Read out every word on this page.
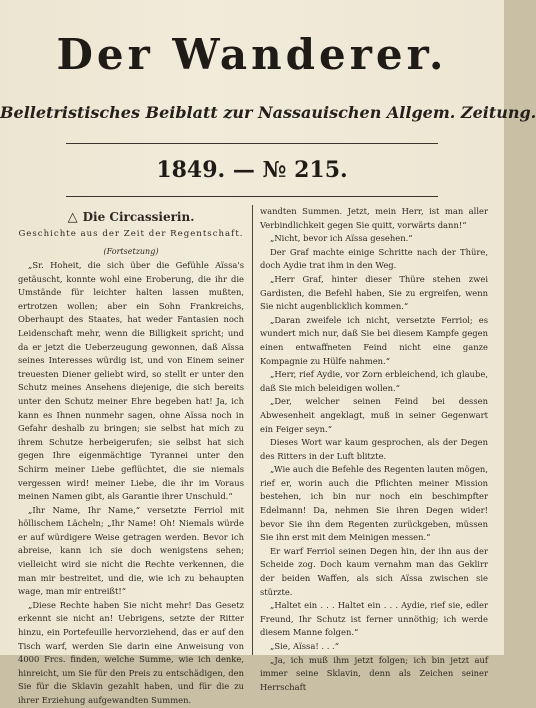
Der Wanderer.
Belletristisches Beiblatt zur Nassauischen Allgem. Zeitung.
1849. — № 215.
△ Die Circassierin.
Geschichte aus der Zeit der Regentschaft.
(Fortsetzung)

„Sr. Hoheit, die sich über die Gefühle Aïssa's getäuscht, konnte wohl eine Eroberung, die ihr die Umstände für leichter halten lassen mußten, ertrotzen wollen; aber ein Sohn Frankreichs, Oberhaupt des Staates, hat weder Fantasien noch Leidenschaft mehr, wenn die Billigkeit spricht; und da er jetzt die Ueberzeugung gewonnen, daß Aïssa seines Interesses würdig ist, und von Einem seiner treuesten Diener geliebt wird, so stellt er unter den Schutz meines Ansehens diejenige, die sich bereits unter den Schutz meiner Ehre begeben hat! Ja, ich kann es Ihnen nunmehr sagen, ohne Aïssa noch in Gefahr deshalb zu bringen; sie selbst hat mich zu ihrem Schutze herbeigerufen; sie selbst hat sich gegen Ihre eigenmächtige Tyrannei unter den Schirm meiner Liebe geflüchtet, die sie niemals vergessen wird! meiner Liebe, die ihr im Voraus meinen Namen gibt, als Garantie ihrer Unschuld.“

„Ihr Name, Ihr Name,“ versetzte Ferriol mit höllischem Lächeln; „Ihr Name! Oh! Niemals würde er auf würdigere Weise getragen werden. Bevor ich abreise, kann ich sie doch wenigstens sehen; vielleicht wird sie nicht die Rechte verkennen, die man mir bestreitet, und die, wie ich zu behaupten wage, man mir entreißt!“

„Diese Rechte haben Sie nicht mehr! Das Gesetz erkennt sie nicht an! Uebrigens, setzte der Ritter hinzu, ein Portefeuille hervorziehend, das er auf den Tisch warf, werden Sie darin eine Anweisung von 4000 Frcs. finden, welche Summe, wie ich denke, hinreicht, um Sie für den Preis zu entschädigen, den Sie für die Sklavin gezahlt haben, und für die zu ihrer Erziehung aufgewandten Summen.

wandten Summen. Jetzt, mein Herr, ist man aller Verbindlichkeit gegen Sie quitt, vorwärts dann!“

„Nicht, bevor ich Aïssa gesehen.“

Der Graf machte einige Schritte nach der Thüre, doch Aydie trat ihm in den Weg.

„Herr Graf, hinter dieser Thüre stehen zwei Gardisten, die Befehl haben, Sie zu ergreifen, wenn Sie nicht augenblicklich kommen.“

„Daran zweifele ich nicht, versetzte Ferriol; es wundert mich nur, daß Sie bei diesem Kampfe gegen einen entwaffneten Feind nicht eine ganze Kompagnie zu Hülfe nahmen.“

„Herr, rief Aydie, vor Zorn erbleichend, ich glaube, daß Sie mich beleidigen wollen.“

„Der, welcher seinen Feind bei dessen Abwesenheit angeklagt, muß in seiner Gegenwart ein Feiger seyn.“

Dieses Wort war kaum gesprochen, als der Degen des Ritters in der Luft blitzte.

„Wie auch die Befehle des Regenten lauten mögen, rief er, worin auch die Pflichten meiner Mission bestehen, ich bin nur noch ein beschimpfter Edelmann! Da, nehmen Sie ihren Degen wider! bevor Sie ihn dem Regenten zurückgeben, müssen Sie ihn erst mit dem Meinigen messen.“

Er warf Ferriol seinen Degen hin, der ihn aus der Scheide zog. Doch kaum vernahm man das Geklirr der beiden Waffen, als sich Aïssa zwischen sie stürzte.

„Haltet ein . . . Haltet ein . . . Aydie, rief sie, edler Freund, Ihr Schutz ist ferner unnöthig; ich werde diesem Manne folgen.“

„Sie, Aïssa! . . .“

„Ja, ich muß ihm jetzt folgen; ich bin jetzt auf immer seine Sklavin, denn als Zeichen seiner Herrschaft
